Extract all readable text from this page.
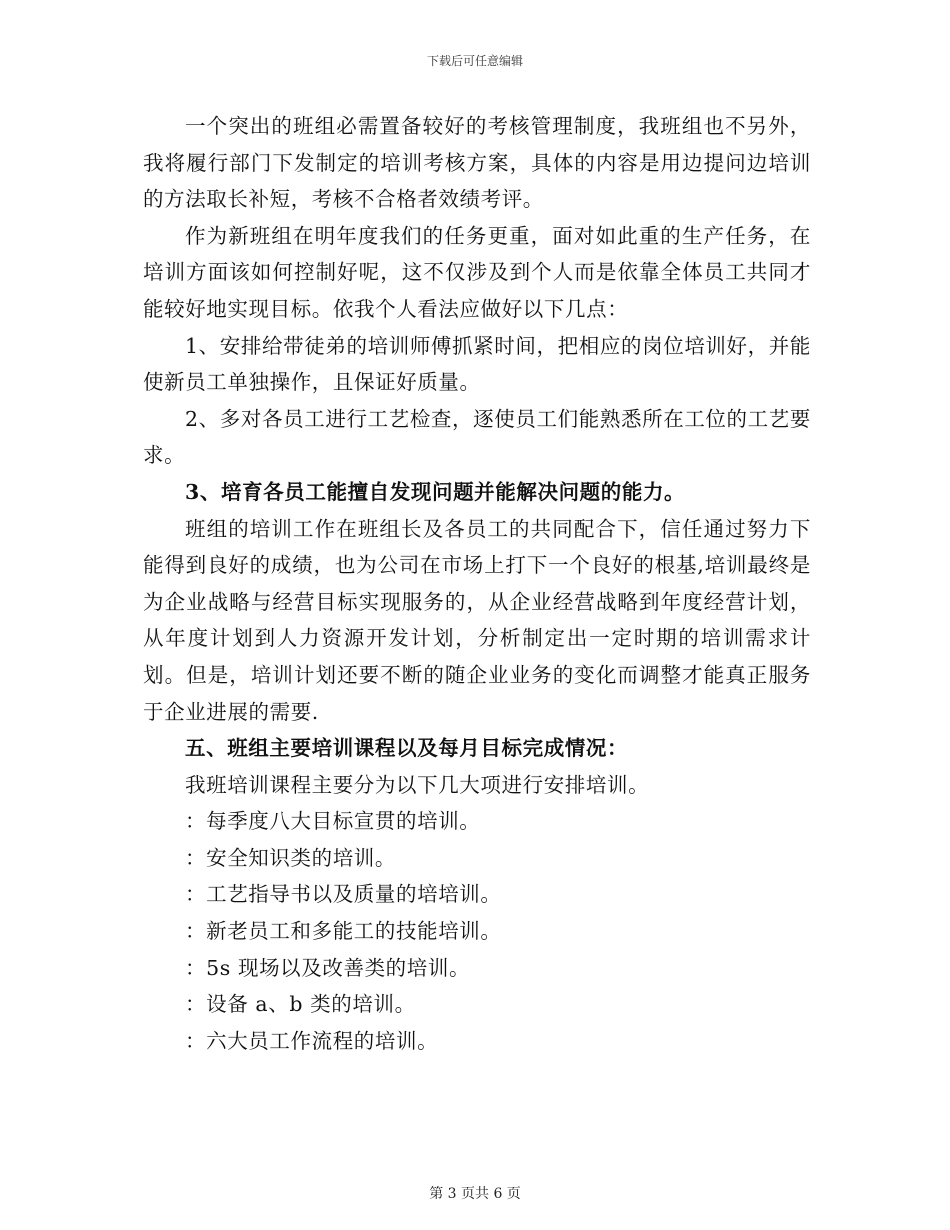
下载后可任意编辑

一个突出的班组必需置备较好的考核管理制度，我班组也不另外，我将履行部门下发制定的培训考核方案，具体的内容是用边提问边培训的方法取长补短，考核不合格者效绩考评。

作为新班组在明年度我们的任务更重，面对如此重的生产任务，在培训方面该如何控制好呢，这不仅涉及到个人而是依靠全体员工共同才能较好地实现目标。依我个人看法应做好以下几点：

1、安排给带徒弟的培训师傅抓紧时间，把相应的岗位培训好，并能使新员工单独操作，且保证好质量。

2、多对各员工进行工艺检查，逐使员工们能熟悉所在工位的工艺要求。

3、培育各员工能擅自发现问题并能解决问题的能力。

班组的培训工作在班组长及各员工的共同配合下，信任通过努力下能得到良好的成绩，也为公司在市场上打下一个良好的根基,培训最终是为企业战略与经营目标实现服务的，从企业经营战略到年度经营计划，从年度计划到人力资源开发计划，分析制定出一定时期的培训需求计划。但是，培训计划还要不断的随企业业务的变化而调整才能真正服务于企业进展的需要.

五、班组主要培训课程以及每月目标完成情况：

我班培训课程主要分为以下几大项进行安排培训。

：每季度八大目标宣贯的培训。

：安全知识类的培训。

：工艺指导书以及质量的培培训。

：新老员工和多能工的技能培训。

：5s 现场以及改善类的培训。

：设备 a、b 类的培训。

：六大员工作流程的培训。

第 3 页共 6 页
